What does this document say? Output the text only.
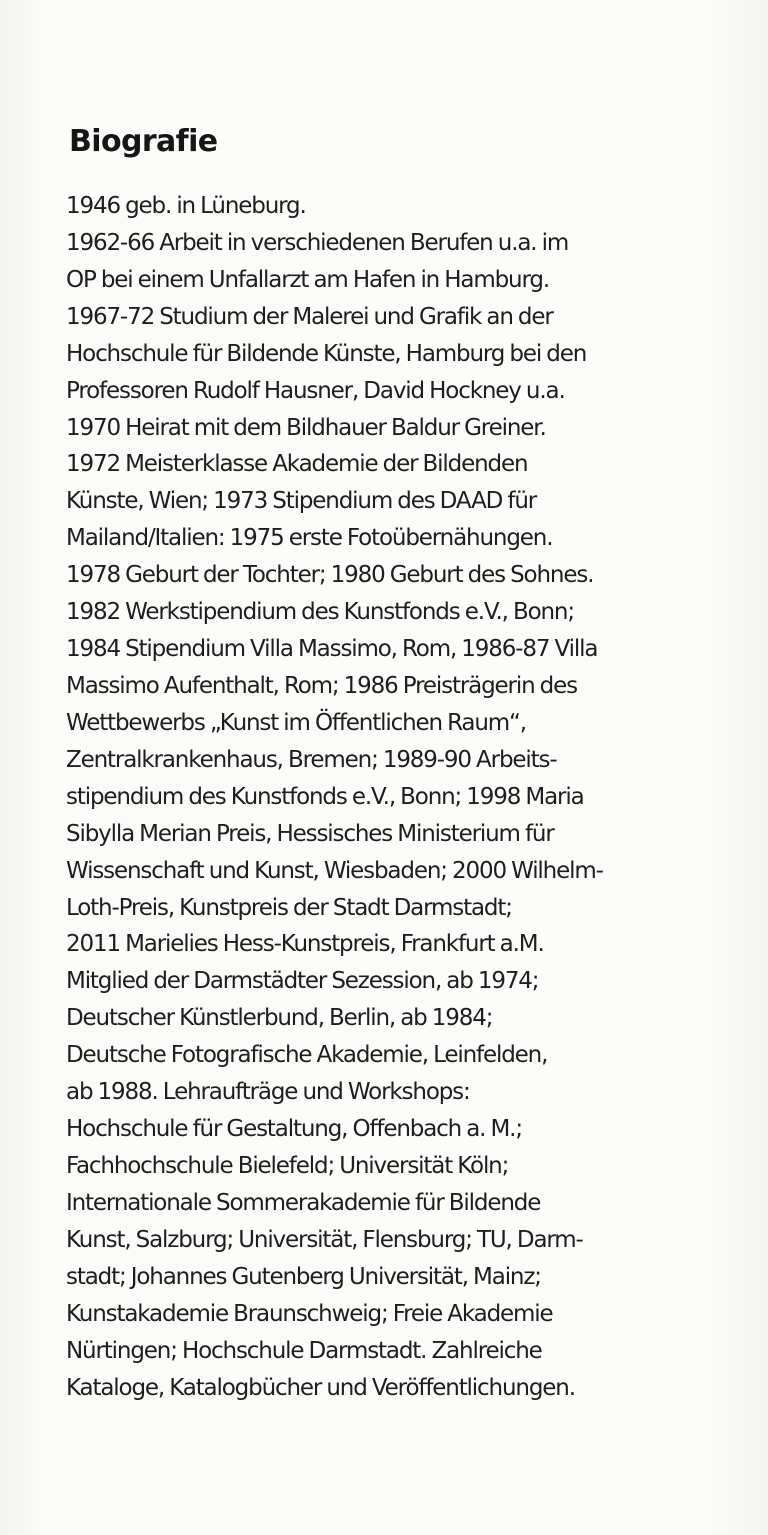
Biografie
1946 geb. in Lüneburg.
1962-66 Arbeit in verschiedenen Berufen u.a. im
OP bei einem Unfallarzt am Hafen in Hamburg.
1967-72 Studium der Malerei und Grafik an der
Hochschule für Bildende Künste, Hamburg bei den
Professoren Rudolf Hausner, David Hockney u.a.
1970 Heirat mit dem Bildhauer Baldur Greiner.
1972 Meisterklasse Akademie der Bildenden
Künste, Wien; 1973 Stipendium des DAAD für
Mailand/Italien: 1975 erste Fotoübernähungen.
1978 Geburt der Tochter; 1980 Geburt des Sohnes.
1982 Werkstipendium des Kunstfonds e.V., Bonn;
1984 Stipendium Villa Massimo, Rom, 1986-87 Villa
Massimo Aufenthalt, Rom; 1986 Preisträgerin des
Wettbewerbs „Kunst im Öffentlichen Raum“,
Zentralkrankenhaus, Bremen; 1989-90 Arbeits-
stipendium des Kunstfonds e.V., Bonn; 1998 Maria
Sibylla Merian Preis, Hessisches Ministerium für
Wissenschaft und Kunst, Wiesbaden; 2000 Wilhelm-
Loth-Preis, Kunstpreis der Stadt Darmstadt;
2011 Marielies Hess-Kunstpreis, Frankfurt a.M.
Mitglied der Darmstädter Sezession, ab 1974;
Deutscher Künstlerbund, Berlin, ab 1984;
Deutsche Fotografische Akademie, Leinfelden,
ab 1988. Lehraufträge und Workshops:
Hochschule für Gestaltung, Offenbach a. M.;
Fachhochschule Bielefeld; Universität Köln;
Internationale Sommerakademie für Bildende
Kunst, Salzburg; Universität, Flensburg; TU, Darm-
stadt; Johannes Gutenberg Universität, Mainz;
Kunstakademie Braunschweig; Freie Akademie
Nürtingen; Hochschule Darmstadt. Zahlreiche
Kataloge, Katalogbücher und Veröffentlichungen.
